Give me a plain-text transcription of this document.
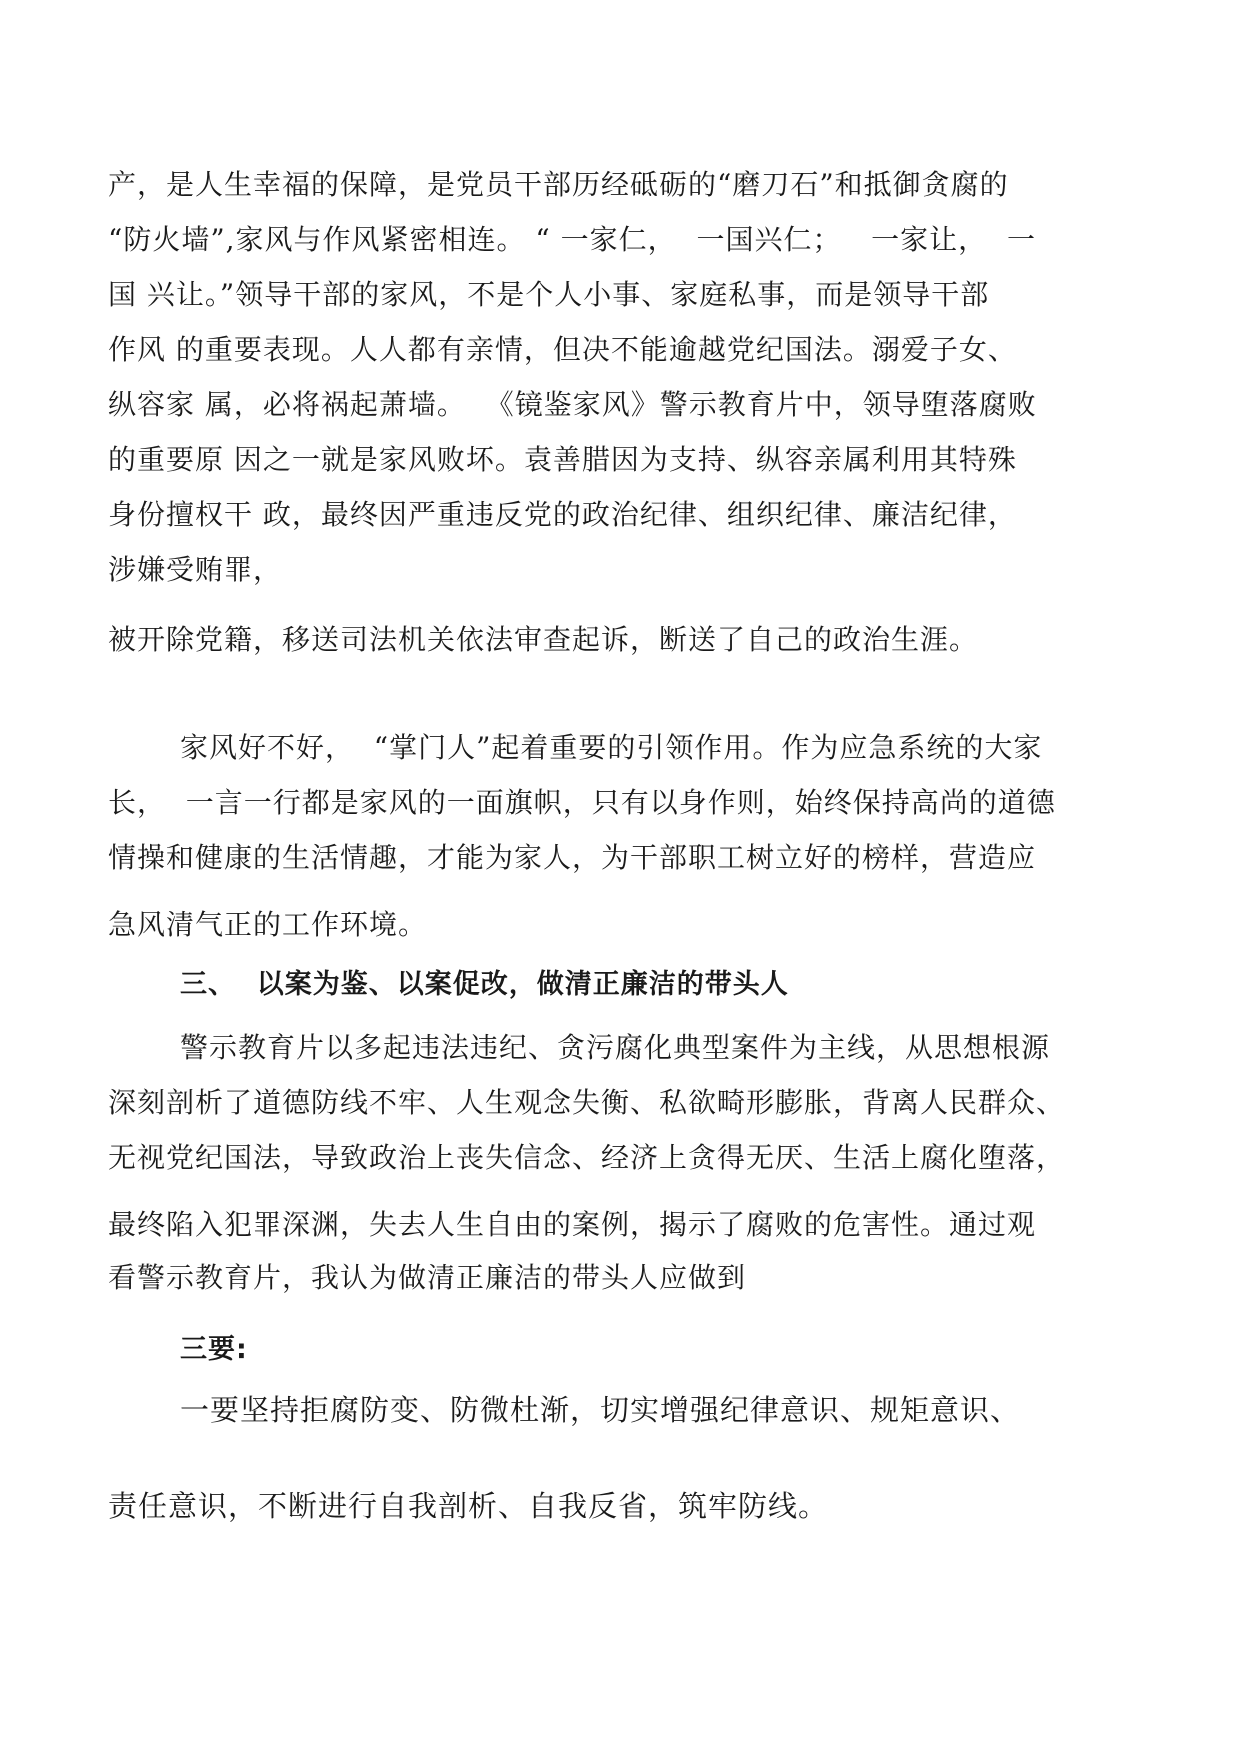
产，是人生幸福的保障，是党员干部历经砥砺的“磨刀石”和抵御贪腐的
“防火墙”,家风与作风紧密相连。 “ 一家仁，  一国兴仁；   一家让，  一
国 兴让。”领导干部的家风，不是个人小事、家庭私事，而是领导干部
作风 的重要表现。人人都有亲情，但决不能逾越党纪国法。溺爱子女、
纵容家 属，必将祸起萧墙。  《镜鉴家风》警示教育片中，领导堕落腐败
的重要原 因之一就是家风败坏。袁善腊因为支持、纵容亲属利用其特殊
身份擅权干 政，最终因严重违反党的政治纪律、组织纪律、廉洁纪律，
涉嫌受贿罪，
被开除党籍，移送司法机关依法审查起诉，断送了自己的政治生涯。
家风好不好，  “掌门人”起着重要的引领作用。作为应急系统的大家
长，  一言一行都是家风的一面旗帜，只有以身作则，始终保持高尚的道德
情操和健康的生活情趣，才能为家人，为干部职工树立好的榜样，营造应
急风清气正的工作环境。
三、  以案为鉴、以案促改，做清正廉洁的带头人
警示教育片以多起违法违纪、贪污腐化典型案件为主线，从思想根源
深刻剖析了道德防线不牢、人生观念失衡、私欲畸形膨胀，背离人民群众、
无视党纪国法，导致政治上丧失信念、经济上贪得无厌、生活上腐化堕落，
最终陷入犯罪深渊，失去人生自由的案例，揭示了腐败的危害性。通过观
看警示教育片，我认为做清正廉洁的带头人应做到
三要:
一要坚持拒腐防变、防微杜渐，切实增强纪律意识、规矩意识、
责任意识，不断进行自我剖析、自我反省，筑牢防线。
